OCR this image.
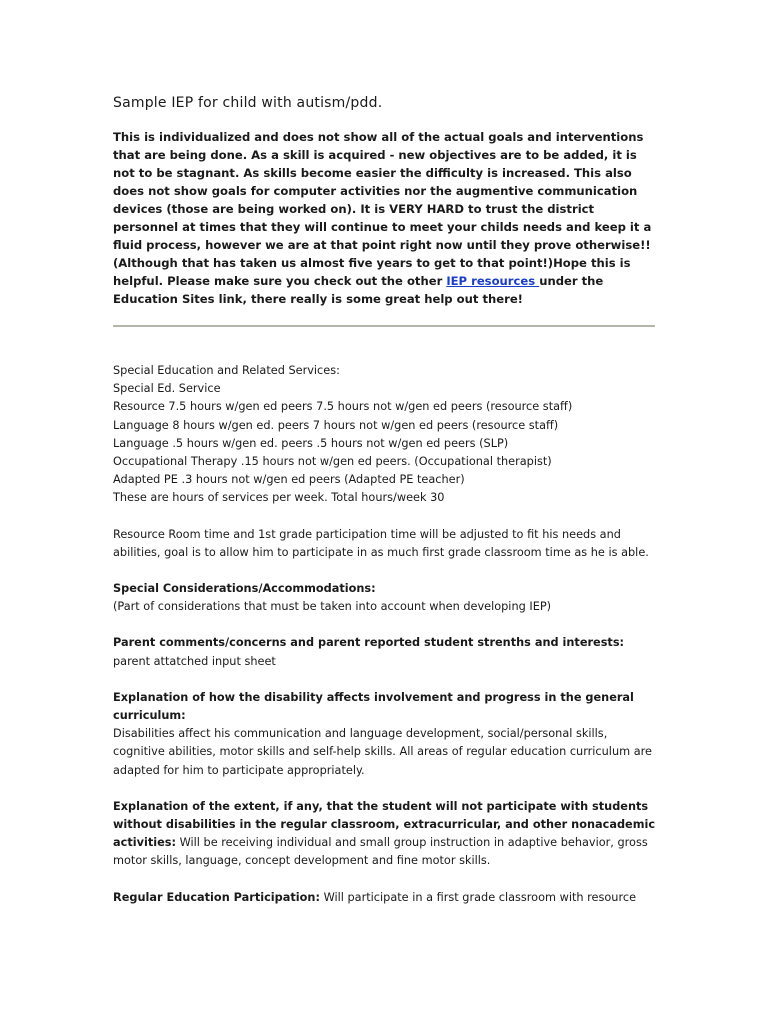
Sample IEP for child with autism/pdd.
This is individualized and does not show all of the actual goals and interventions that are being done. As a skill is acquired - new objectives are to be added, it is not to be stagnant. As skills become easier the difficulty is increased. This also does not show goals for computer activities nor the augmentive communication devices (those are being worked on). It is VERY HARD to trust the district personnel at times that they will continue to meet your childs needs and keep it a fluid process, however we are at that point right now until they prove otherwise!! (Although that has taken us almost five years to get to that point!)Hope this is helpful. Please make sure you check out the other IEP resources under the Education Sites link, there really is some great help out there!

Special Education and Related Services:

Special Ed. Service

Resource 7.5 hours w/gen ed peers 7.5 hours not w/gen ed peers (resource staff)

Language 8 hours w/gen ed. peers 7 hours not w/gen ed peers (resource staff)

Language .5 hours w/gen ed. peers .5 hours not w/gen ed peers (SLP)

Occupational Therapy .15 hours not w/gen ed peers. (Occupational therapist)

Adapted PE .3 hours not w/gen ed peers (Adapted PE teacher)

These are hours of services per week. Total hours/week 30

Resource Room time and 1st grade participation time will be adjusted to fit his needs and abilities, goal is to allow him to participate in as much first grade classroom time as he is able.

Special Considerations/Accommodations:

(Part of considerations that must be taken into account when developing IEP)

Parent comments/concerns and parent reported student strenths and interests:

parent attatched input sheet

Explanation of how the disability affects involvement and progress in the general curriculum:

Disabilities affect his communication and language development, social/personal skills, cognitive abilities, motor skills and self-help skills. All areas of regular education curriculum are adapted for him to participate appropriately.

Explanation of the extent, if any, that the student will not participate with students without disabilities in the regular classroom, extracurricular, and other nonacademic activities: Will be receiving individual and small group instruction in adaptive behavior, gross motor skills, language, concept development and fine motor skills.

Regular Education Participation: Will participate in a first grade classroom with resource
